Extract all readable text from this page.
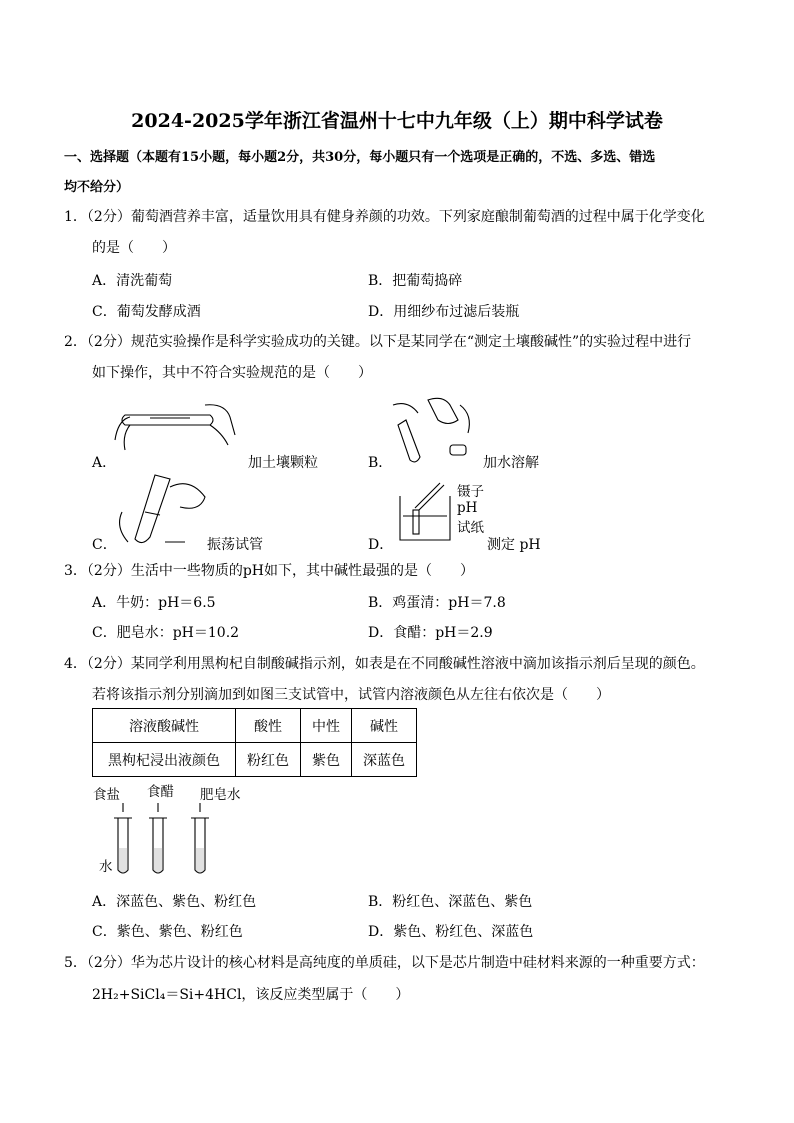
2024-2025学年浙江省温州十七中九年级（上）期中科学试卷
一、选择题（本题有15小题，每小题2分，共30分，每小题只有一个选项是正确的，不选、多选、错选
均不给分）
1．（2分）葡萄酒营养丰富，适量饮用具有健身养颜的功效。下列家庭酿制葡萄酒的过程中属于化学变化
的是（　　）
A．清洗葡萄	B．把葡萄捣碎
C．葡萄发酵成酒	D．用细纱布过滤后装瓶
2．（2分）规范实验操作是科学实验成功的关键。以下是某同学在“测定土壤酸碱性”的实验过程中进行
如下操作，其中不符合实验规范的是（　　）
A．	加土壤颗粒	B．	加水溶解
C．	振荡试管
镊子
pH
试纸
D．	测定 pH
3．（2分）生活中一些物质的pH如下，其中碱性最强的是（　　）
A．牛奶：pH＝6.5	B．鸡蛋清：pH＝7.8
C．肥皂水：pH＝10.2	D．食醋：pH＝2.9
4．（2分）某同学利用黑枸杞自制酸碱指示剂，如表是在不同酸碱性溶液中滴加该指示剂后呈现的颜色。
若将该指示剂分别滴加到如图三支试管中，试管内溶液颜色从左往右依次是（　　）
溶液酸碱性	酸性	中性	碱性
黑枸杞浸出液颜色	粉红色	紫色	深蓝色
食盐 食醋 肥皂水
水
A．深蓝色、紫色、粉红色	B．粉红色、深蓝色、紫色
C．紫色、紫色、粉红色	D．紫色、粉红色、深蓝色
5．（2分）华为芯片设计的核心材料是高纯度的单质硅，以下是芯片制造中硅材料来源的一种重要方式：
2H₂+SiCl₄＝Si+4HCl，该反应类型属于（　　）
